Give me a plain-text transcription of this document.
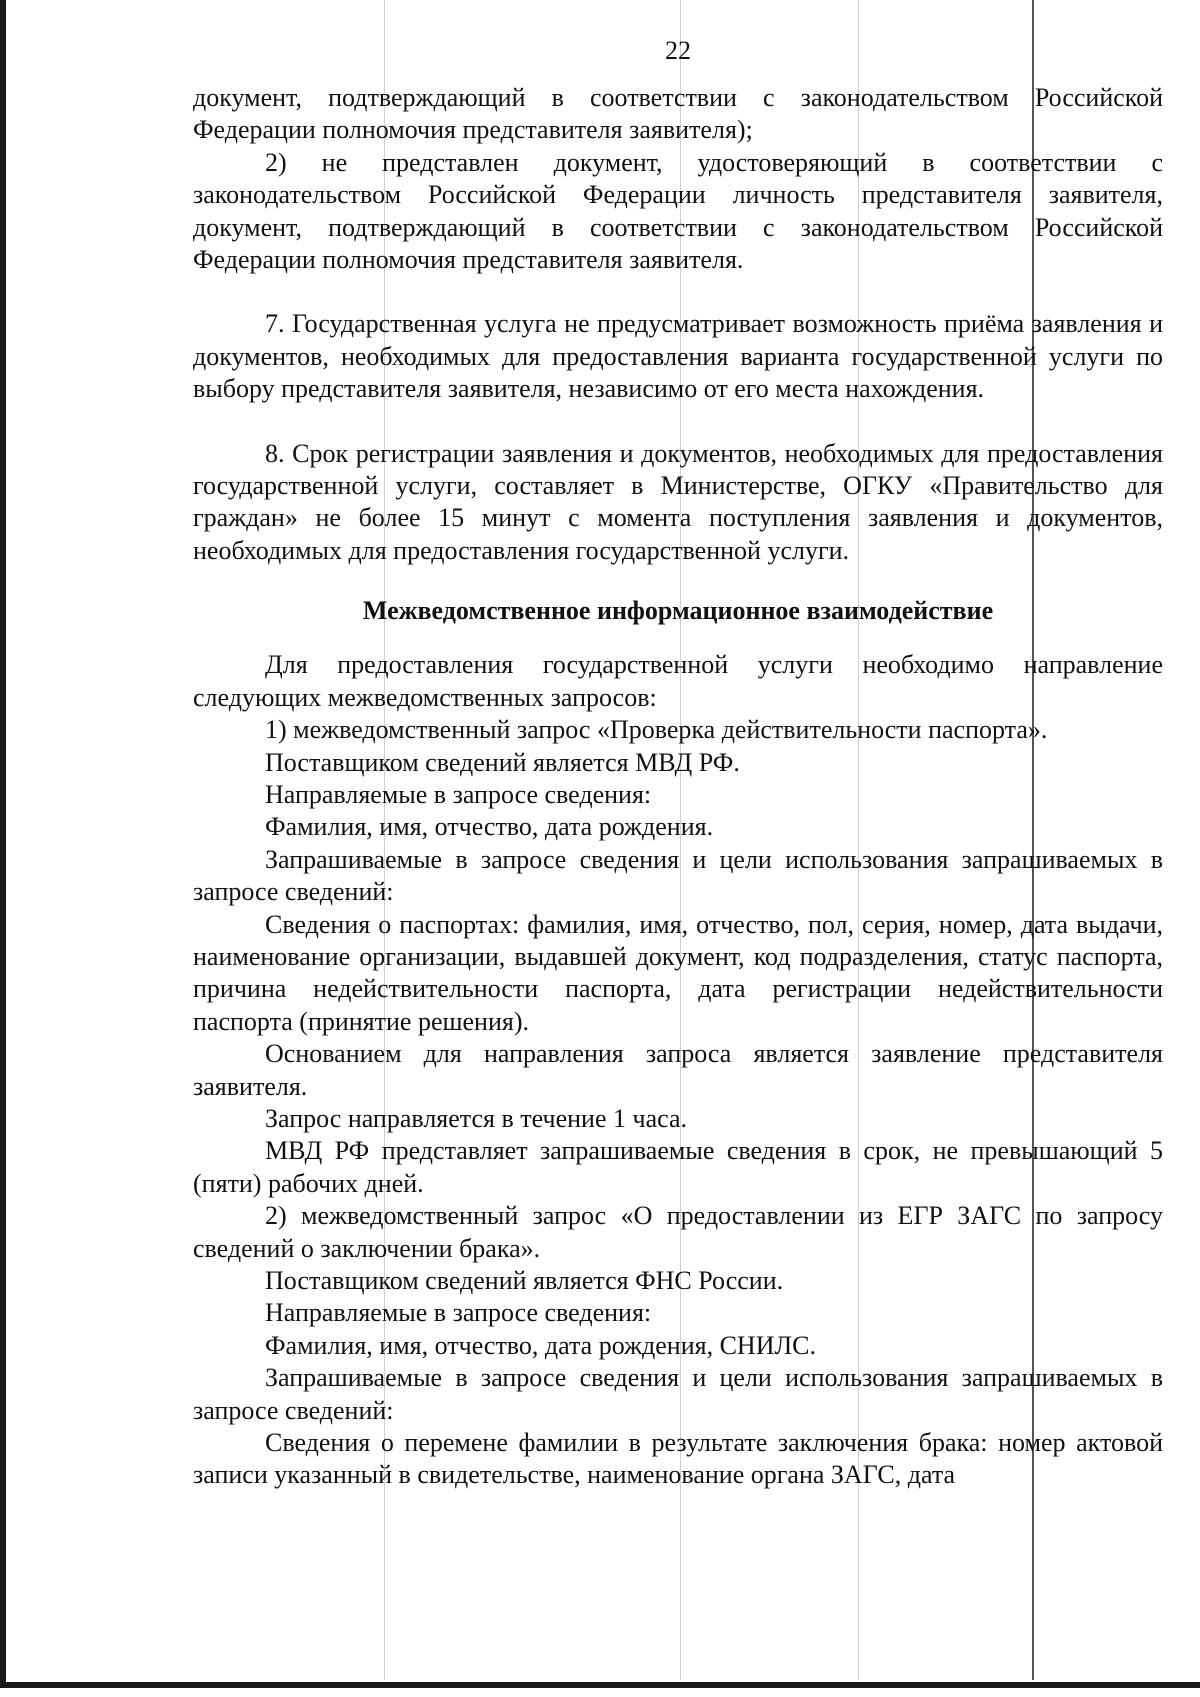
22

документ, подтверждающий в соответствии с законодательством Российской Федерации полномочия представителя заявителя);

2) не представлен документ, удостоверяющий в соответствии с законодательством Российской Федерации личность представителя заявителя, документ, подтверждающий в соответствии с законодательством Российской Федерации полномочия представителя заявителя.

7. Государственная услуга не предусматривает возможность приёма заявления и документов, необходимых для предоставления варианта государственной услуги по выбору представителя заявителя, независимо от его места нахождения.

8. Срок регистрации заявления и документов, необходимых для предоставления государственной услуги, составляет в Министерстве, ОГКУ «Правительство для граждан» не более 15 минут с момента поступления заявления и документов, необходимых для предоставления государственной услуги.

Межведомственное информационное взаимодействие

Для предоставления государственной услуги необходимо направление следующих межведомственных запросов:

1) межведомственный запрос «Проверка действительности паспорта».

Поставщиком сведений является МВД РФ.

Направляемые в запросе сведения:

Фамилия, имя, отчество, дата рождения.

Запрашиваемые в запросе сведения и цели использования запрашиваемых в запросе сведений:

Сведения о паспортах: фамилия, имя, отчество, пол, серия, номер, дата выдачи, наименование организации, выдавшей документ, код подразделения, статус паспорта, причина недействительности паспорта, дата регистрации недействительности паспорта (принятие решения).

Основанием для направления запроса является заявление представителя заявителя.

Запрос направляется в течение 1 часа.

МВД РФ представляет запрашиваемые сведения в срок, не превышающий 5 (пяти) рабочих дней.

2) межведомственный запрос «О предоставлении из ЕГР ЗАГС по запросу сведений о заключении брака».

Поставщиком сведений является ФНС России.

Направляемые в запросе сведения:

Фамилия, имя, отчество, дата рождения, СНИЛС.

Запрашиваемые в запросе сведения и цели использования запрашиваемых в запросе сведений:

Сведения о перемене фамилии в результате заключения брака: номер актовой записи указанный в свидетельстве, наименование органа ЗАГС, дата
